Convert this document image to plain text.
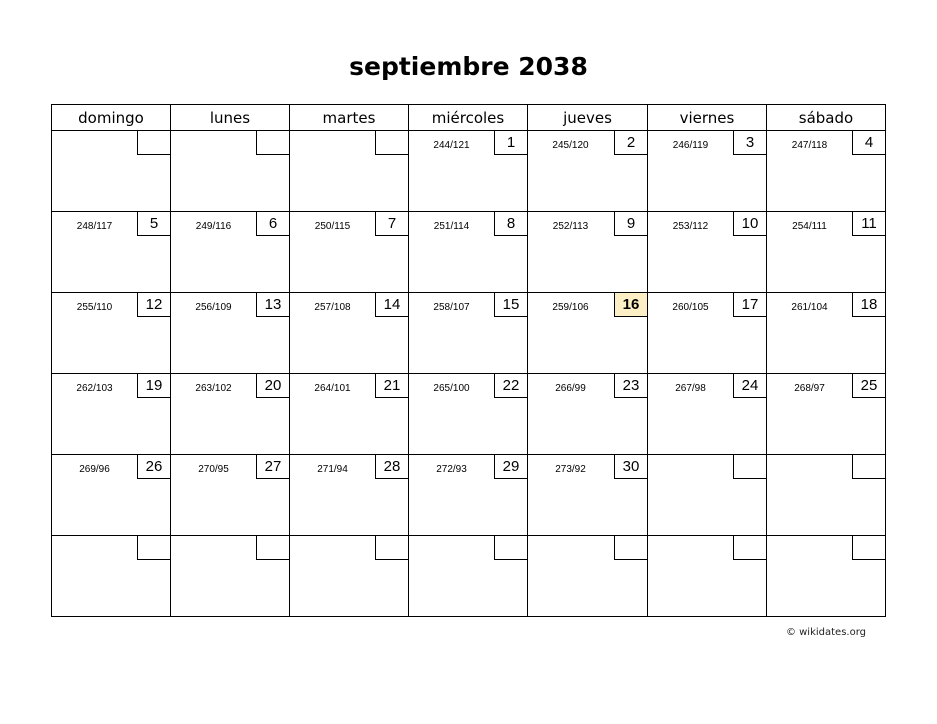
septiembre 2038
domingo	lunes	martes	miércoles	jueves	viernes	sábado

			244/121 1	245/120 2	246/119 3	247/118 4

248/117 5	249/116 6	250/115 7	251/114 8	252/113 9	253/112 10	254/111 11

255/110 12	256/109 13	257/108 14	258/107 15	259/106 16	260/105 17	261/104 18

262/103 19	263/102 20	264/101 21	265/100 22	266/99 23	267/98 24	268/97 25

269/96 26	270/95 27	271/94 28	272/93 29	273/92 30		

© wikidates.org
